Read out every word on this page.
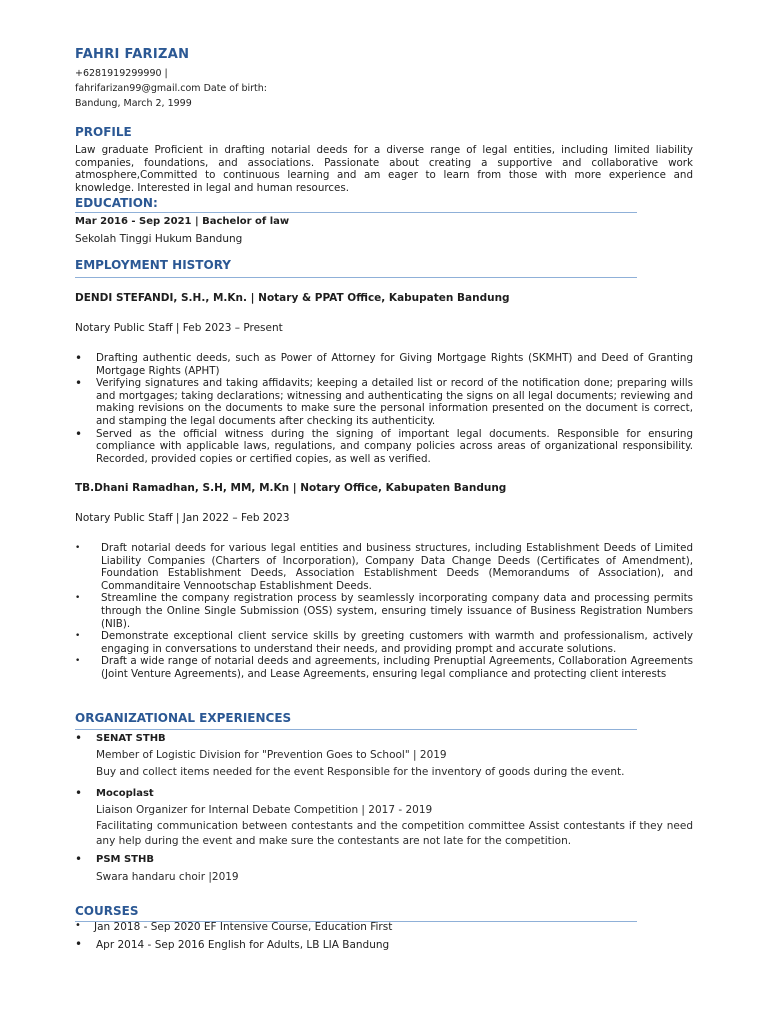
FAHRI FARIZAN
+6281919299990 |
fahrifarizan99@gmail.com Date of birth:
Bandung, March 2, 1999
PROFILE
Law graduate Proficient in drafting notarial deeds for a diverse range of legal entities, including limited liability companies, foundations, and associations. Passionate about creating a supportive and collaborative work atmosphere,Committed to continuous learning and am eager to learn from those with more experience and knowledge. Interested in legal and human resources.
EDUCATION:
Mar 2016 - Sep 2021 | Bachelor of law
Sekolah Tinggi Hukum Bandung
EMPLOYMENT HISTORY
DENDI STEFANDI, S.H., M.Kn. | Notary & PPAT Office, Kabupaten Bandung
Notary Public Staff | Feb 2023 – Present
• Drafting authentic deeds, such as Power of Attorney for Giving Mortgage Rights (SKMHT) and Deed of Granting Mortgage Rights (APHT)
• Verifying signatures and taking affidavits; keeping a detailed list or record of the notification done; preparing wills and mortgages; taking declarations; witnessing and authenticating the signs on all legal documents; reviewing and making revisions on the documents to make sure the personal information presented on the document is correct, and stamping the legal documents after checking its authenticity.
• Served as the official witness during the signing of important legal documents. Responsible for ensuring compliance with applicable laws, regulations, and company policies across areas of organizational responsibility. Recorded, provided copies or certified copies, as well as verified.
TB.Dhani Ramadhan, S.H, MM, M.Kn | Notary Office, Kabupaten Bandung
Notary Public Staff | Jan 2022 – Feb 2023
• Draft notarial deeds for various legal entities and business structures, including Establishment Deeds of Limited Liability Companies (Charters of Incorporation), Company Data Change Deeds (Certificates of Amendment), Foundation Establishment Deeds, Association Establishment Deeds (Memorandums of Association), and Commanditaire Vennootschap Establishment Deeds.
• Streamline the company registration process by seamlessly incorporating company data and processing permits through the Online Single Submission (OSS) system, ensuring timely issuance of Business Registration Numbers (NIB).
• Demonstrate exceptional client service skills by greeting customers with warmth and professionalism, actively engaging in conversations to understand their needs, and providing prompt and accurate solutions.
• Draft a wide range of notarial deeds and agreements, including Prenuptial Agreements, Collaboration Agreements (Joint Venture Agreements), and Lease Agreements, ensuring legal compliance and protecting client interests
ORGANIZATIONAL EXPERIENCES
• SENAT STHB
Member of Logistic Division for "Prevention Goes to School" | 2019
Buy and collect items needed for the event Responsible for the inventory of goods during the event.
• Mocoplast
Liaison Organizer for Internal Debate Competition | 2017 - 2019
Facilitating communication between contestants and the competition committee Assist contestants if they need any help during the event and make sure the contestants are not late for the competition.
• PSM STHB
Swara handaru choir |2019
COURSES
• Jan 2018 - Sep 2020 EF Intensive Course, Education First
• Apr 2014 - Sep 2016 English for Adults, LB LIA Bandung
